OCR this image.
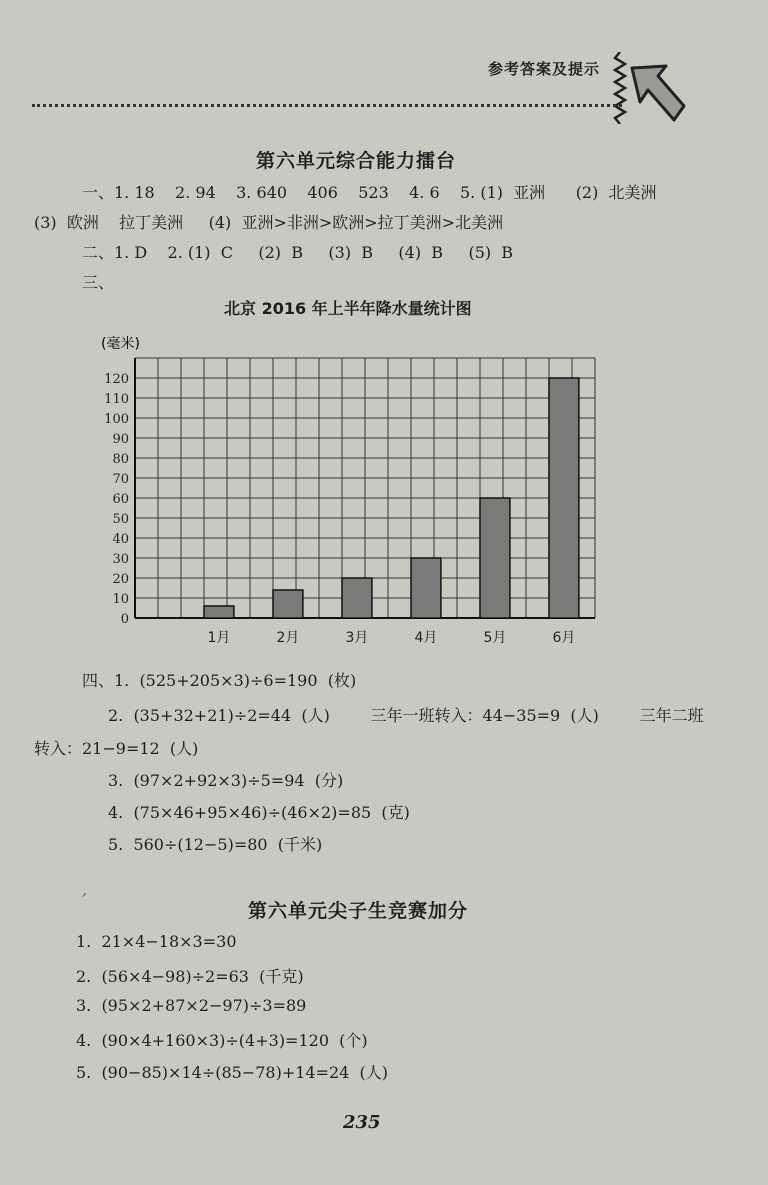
参考答案及提示
第六单元综合能力擂台
一、1. 18    2. 94    3. 640    406    523    4. 6    5. (1)  亚洲      (2)  北美洲
(3)  欧洲    拉丁美洲     (4)  亚洲>非洲>欧洲>拉丁美洲>北美洲
二、1. D    2. (1)  C     (2)  B     (3)  B     (4)  B     (5)  B
三、
北京 2016 年上半年降水量统计图
(毫米)
0
10
20
30
40
50
60
70
80
90
100
110
120
1月	2月	3月	4月	5月	6月
四、1.  (525+205×3)÷6=190  (枚)
2.  (35+32+21)÷2=44  (人)        三年一班转入：44−35=9  (人)        三年二班
转入：21−9=12  (人)
3.  (97×2+92×3)÷5=94  (分)
4.  (75×46+95×46)÷(46×2)=85  (克)
5.  560÷(12−5)=80  (千米)
,
第六单元尖子生竞赛加分
1.  21×4−18×3=30
2.  (56×4−98)÷2=63  (千克)
3.  (95×2+87×2−97)÷3=89
4.  (90×4+160×3)÷(4+3)=120  (个)
5.  (90−85)×14÷(85−78)+14=24  (人)
235
